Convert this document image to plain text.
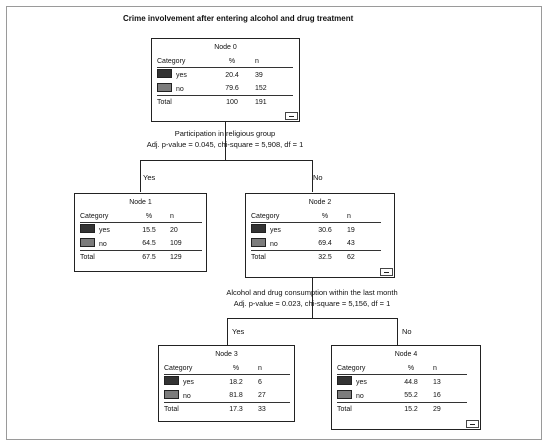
Crime involvement after entering alcohol and drug treatment
Node 0
Category	%	n
yes	20.4	39
no	79.6	152
Total	100	191
Participation in religious group
Adj. p-value = 0.045, chi-square = 5,908, df = 1
Yes	No
Node 1
Category	%	n
yes	15.5	20
no	64.5	109
Total	67.5	129
Node 2
Category	%	n
yes	30.6	19
no	69.4	43
Total	32.5	62
Alcohol and drug consumption within the last month
Adj. p-value = 0.023, chi-square = 5,156, df = 1
Yes	No
Node 3
Category	%	n
yes	18.2	6
no	81.8	27
Total	17.3	33
Node 4
Category	%	n
yes	44.8	13
no	55.2	16
Total	15.2	29
